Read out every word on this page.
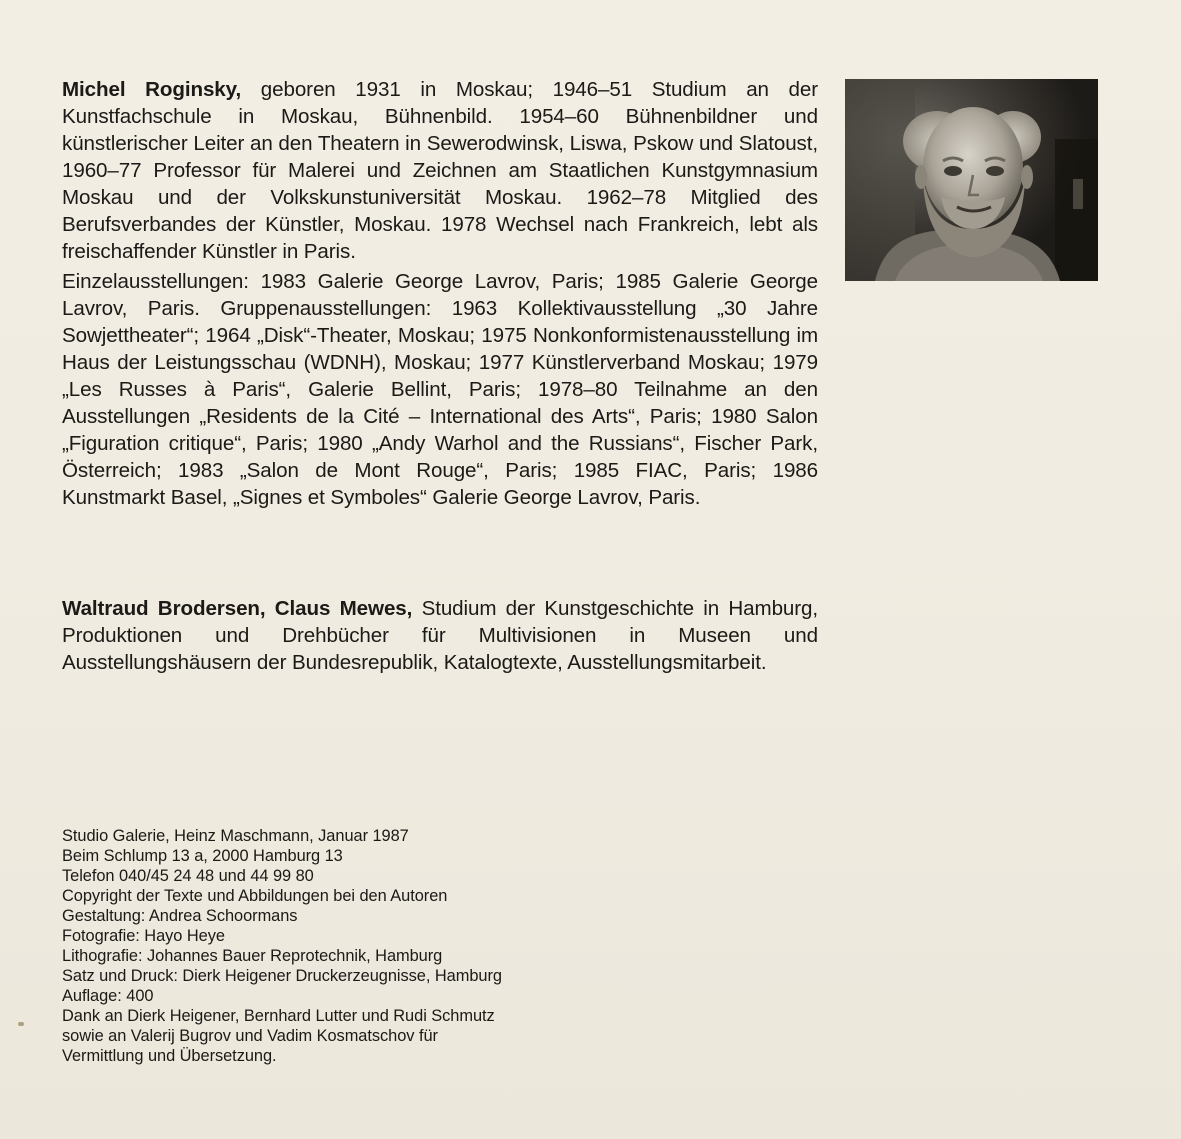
Michel Roginsky, geboren 1931 in Moskau; 1946–51 Studium an der Kunstfachschule in Moskau, Bühnenbild. 1954–60 Bühnenbildner und künstlerischer Leiter an den Theatern in Sewerodwinsk, Liswa, Pskow und Slatoust, 1960–77 Professor für Malerei und Zeichnen am Staatlichen Kunstgymnasium Moskau und der Volkskunstuniversität Moskau. 1962–78 Mitglied des Berufsverbandes der Künstler, Moskau. 1978 Wechsel nach Frankreich, lebt als freischaffender Künstler in Paris.

Einzelausstellungen: 1983 Galerie George Lavrov, Paris; 1985 Galerie George Lavrov, Paris. Gruppenausstellungen: 1963 Kollektivausstellung „30 Jahre Sowjettheater“; 1964 „Disk“-Theater, Moskau; 1975 Nonkonformistenausstellung im Haus der Leistungsschau (WDNH), Moskau; 1977 Künstlerverband Moskau; 1979 „Les Russes à Paris“, Galerie Bellint, Paris; 1978–80 Teilnahme an den Ausstellungen „Residents de la Cité – International des Arts“, Paris; 1980 Salon „Figuration critique“, Paris; 1980 „Andy Warhol and the Russians“, Fischer Park, Österreich; 1983 „Salon de Mont Rouge“, Paris; 1985 FIAC, Paris; 1986 Kunstmarkt Basel, „Signes et Symboles“ Galerie George Lavrov, Paris.

Waltraud Brodersen, Claus Mewes, Studium der Kunstgeschichte in Hamburg, Produktionen und Drehbücher für Multivisionen in Museen und Ausstellungshäusern der Bundesrepublik, Katalogtexte, Ausstellungsmitarbeit.

Studio Galerie, Heinz Maschmann, Januar 1987
Beim Schlump 13 a, 2000 Hamburg 13
Telefon 040/45 24 48 und 44 99 80
Copyright der Texte und Abbildungen bei den Autoren
Gestaltung: Andrea Schoormans
Fotografie: Hayo Heye
Lithografie: Johannes Bauer Reprotechnik, Hamburg
Satz und Druck: Dierk Heigener Druckerzeugnisse, Hamburg
Auflage: 400
Dank an Dierk Heigener, Bernhard Lutter und Rudi Schmutz
sowie an Valerij Bugrov und Vadim Kosmatschov für
Vermittlung und Übersetzung.
